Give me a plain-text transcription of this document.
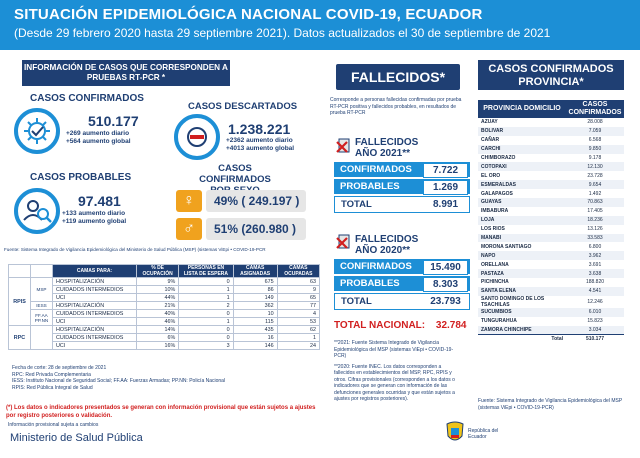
SITUACIÓN EPIDEMIOLÓGICA NACIONAL COVID-19, ECUADOR
(Desde 29 febrero 2020 hasta 29 septiembre 2021). Datos actualizados el 30 de septiembre de 2021
INFORMACIÓN DE CASOS QUE CORRESPONDEN A PRUEBAS RT-PCR *
CASOS CONFIRMADOS
510.177
+269 aumento diario
+564 aumento global
CASOS DESCARTADOS
1.238.221
+2362 aumento diario
+4013 aumento global
CASOS PROBABLES
97.481
+133 aumento diario
+119 aumento global
CASOS CONFIRMADOS
♀	49% ( 249.197 )
♂	51% (260.980 )
Fuente: Sistema Integrado de Vigilancia Epidemiológica del Ministerio de Salud Pública (MSP) (sistemas ViEpi • COVID-19-PCR
		CAMAS PARA:	% DE OCUPACIÓN	PERSONAS EN LISTA DE ESPERA	CAMAS ASIGNADAS	CAMAS OCUPADAS
RPIS	MSP	HOSPITALIZACIÓN	9%	0	675	63
		CUIDADOS INTERMEDIOS	10%	1	86	9
		UCI	44%	1	149	65
	IESS	HOSPITALIZACIÓN	21%	2	362	77
	FF.AA PP.NN	CUIDADOS INTERMEDIOS	40%	0	10	4
		UCI	46%	1	115	53
RPC		HOSPITALIZACIÓN	14%	0	435	62
		CUIDADOS INTERMEDIOS	6%	0	16	1
		UCI	16%	3	146	24
Fecha de corte: 28 de septiembre de 2021
RPC: Red Privada Complementaria
IESS: Instituto Nacional de Seguridad Social; FF.AA: Fuerzas Armadas; PP.NN: Policía Nacional
RPIS: Red Pública Integral de Salud
(*) Los datos o indicadores presentados se generan con información provisional que están sujetos a ajustes por registro posteriores o validación.
Información provisional sujeta a cambios
Ministerio de Salud Pública
FALLECIDOS*
Corresponde a personas fallecidas confirmadas por prueba RT-PCR positiva y fallecidos probables, en resultados de prueba RT-PCR
FALLECIDOS
AÑO 2021**
CONFIRMADOS	7.722
PROBABLES	1.269
TOTAL	8.991
FALLECIDOS
AÑO 2020**
CONFIRMADOS	15.490
PROBABLES	8.303
TOTAL	23.793
TOTAL NACIONAL: 32.784
**2021: Fuente Sistema Integrado de Vigilancia Epidemiológica del MSP (sistemas ViEpi • COVID-19-PCR)
**2020: Fuente INEC. Los datos corresponden a fallecidos en establecimientos del MSP, RPC, RPIS y otros. Cifras provisionales (corresponden a los datos o indicadores que se generan con información de las defunciones generales ocurridas y que están sujetos a ajustes por registros posteriores).
CASOS CONFIRMADOS PROVINCIA*
PROVINCIA DOMICILIO	CASOS CONFIRMADOS
AZUAY	28.008
BOLIVAR	7.059
CAÑAR	6.568
CARCHI	9.850
CHIMBORAZO	9.178
COTOPAXI	12.130
EL ORO	23.728
ESMERALDAS	9.654
GALAPAGOS	1.492
GUAYAS	70.863
IMBABURA	17.405
LOJA	18.236
LOS RIOS	13.126
MANABI	33.583
MORONA SANTIAGO	6.800
NAPO	3.962
ORELLANA	3.691
PASTAZA	3.638
PICHINCHA	188.820
SANTA ELENA	4.541
SANTO DOMINGO DE LOS TSACHILAS	12.246
SUCUMBIOS	6.010
TUNGURAHUA	15.823
ZAMORA CHINCHIPE	3.034
Total	510.177
Fuente: Sistema Integrado de Vigilancia Epidemiológica del MSP (sistemas ViEpi • COVID-19-PCR)
República del Ecuador
